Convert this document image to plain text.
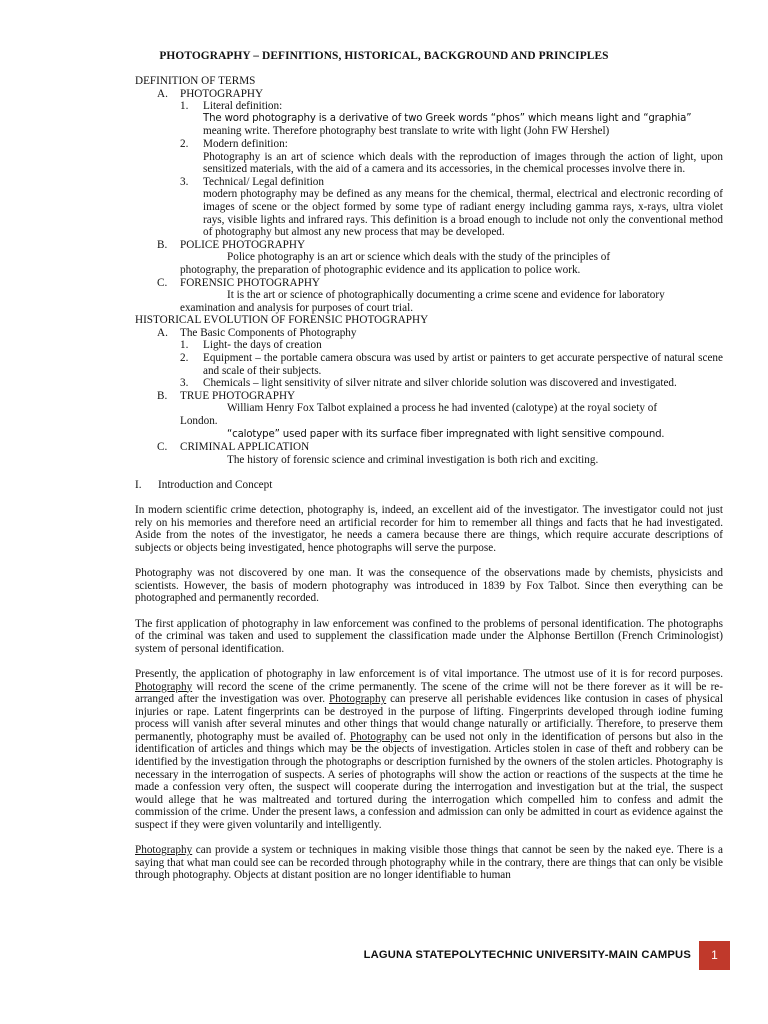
PHOTOGRAPHY – DEFINITIONS, HISTORICAL, BACKGROUND AND PRINCIPLES
DEFINITION OF TERMS
A.	PHOTOGRAPHY
1.	Literal definition:
The word photography is a derivative of two Greek words “phos” which means light and “graphia”
meaning write. Therefore photography best translate to write with light (John FW Hershel)
2.	Modern definition:
Photography is an art of science which deals with the reproduction of images through the action of light, upon sensitized materials, with the aid of a camera and its accessories, in the chemical processes involve there in.
3.	Technical/ Legal definition
modern photography may be defined as any means for the chemical, thermal, electrical and electronic recording of images of scene or the object formed by some type of radiant energy including gamma rays, x-rays, ultra violet rays, visible lights and infrared rays. This definition is a broad enough to include not only the conventional method of photography but almost any new process that may be developed.
B.	POLICE PHOTOGRAPHY
Police photography is an art or science which deals with the study of the principles of
photography, the preparation of photographic evidence and its application to police work.
C.	FORENSIC PHOTOGRAPHY
It is the art or science of photographically documenting a crime scene and evidence for laboratory
examination and analysis for purposes of court trial.
HISTORICAL EVOLUTION OF FORENSIC PHOTOGRAPHY
A.	The Basic Components of Photography
1.	Light- the days of creation
2.	Equipment – the portable camera obscura was used by artist or painters to get accurate perspective of natural scene and scale of their subjects.
3.	Chemicals – light sensitivity of silver nitrate and silver chloride solution was discovered and investigated.
B.	TRUE PHOTOGRAPHY
William Henry Fox Talbot explained a process he had invented (calotype) at the royal society of
London.
“calotype” used paper with its surface fiber impregnated with light sensitive compound.
C.	CRIMINAL APPLICATION
The history of forensic science and criminal investigation is both rich and exciting.
I.	Introduction and Concept
In modern scientific crime detection, photography is, indeed, an excellent aid of the investigator. The investigator could not just rely on his memories and therefore need an artificial recorder for him to remember all things and facts that he had investigated. Aside from the notes of the investigator, he needs a camera because there are things, which require accurate descriptions of subjects or objects being investigated, hence photographs will serve the purpose.
Photography was not discovered by one man. It was the consequence of the observations made by chemists, physicists and scientists. However, the basis of modern photography was introduced in 1839 by Fox Talbot. Since then everything can be photographed and permanently recorded.
The first application of photography in law enforcement was confined to the problems of personal identification. The photographs of the criminal was taken and used to supplement the classification made under the Alphonse Bertillon (French Criminologist) system of personal identification.
Presently, the application of photography in law enforcement is of vital importance. The utmost use of it is for record purposes. Photography will record the scene of the crime permanently. The scene of the crime will not be there forever as it will be re-arranged after the investigation was over. Photography can preserve all perishable evidences like contusion in cases of physical injuries or rape. Latent fingerprints can be destroyed in the purpose of lifting. Fingerprints developed through iodine fuming process will vanish after several minutes and other things that would change naturally or artificially. Therefore, to preserve them permanently, photography must be availed of. Photography can be used not only in the identification of persons but also in the identification of articles and things which may be the objects of investigation. Articles stolen in case of theft and robbery can be identified by the investigation through the photographs or description furnished by the owners of the stolen articles. Photography is necessary in the interrogation of suspects. A series of photographs will show the action or reactions of the suspects at the time he made a confession very often, the suspect will cooperate during the interrogation and investigation but at the trial, the suspect would allege that he was maltreated and tortured during the interrogation which compelled him to confess and admit the commission of the crime. Under the present laws, a confession and admission can only be admitted in court as evidence against the suspect if they were given voluntarily and intelligently.
Photography can provide a system or techniques in making visible those things that cannot be seen by the naked eye. There is a saying that what man could see can be recorded through photography while in the contrary, there are things that can only be visible through photography. Objects at distant position are no longer identifiable to human
LAGUNA STATEPOLYTECHNIC UNIVERSITY-MAIN CAMPUS	1
